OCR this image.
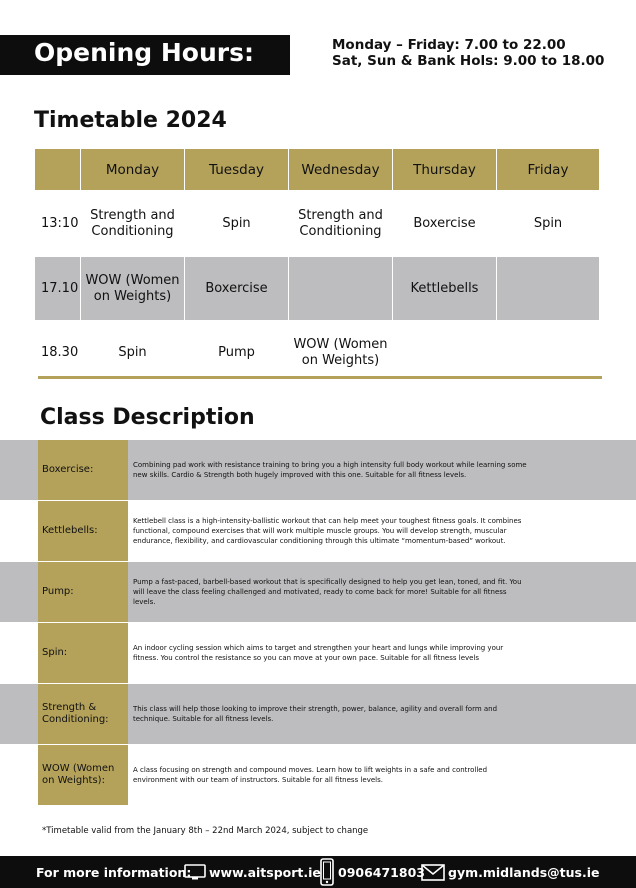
Opening Hours:	Monday – Friday: 7.00 to 22.00
Sat, Sun & Bank Hols: 9.00 to 18.00
Timetable 2024
	Monday	Tuesday	Wednesday	Thursday	Friday
13:10	Strength and Conditioning	Spin	Strength and Conditioning	Boxercise	Spin
17.10	WOW (Women on Weights)	Boxercise		Kettlebells	
18.30	Spin	Pump	WOW (Women on Weights)		
Class Description
Boxercise:	Combining pad work with resistance training to bring you a high intensity full body workout while learning some new skills. Cardio & Strength both hugely improved with this one. Suitable for all fitness levels.
Kettlebells:
Kettlebell class is a high-intensity-ballistic workout that can help meet your toughest fitness goals. It combines functional, compound exercises that will work multiple muscle groups. You will develop strength, muscular endurance, flexibility, and cardiovascular conditioning through this ultimate “momentum-based” workout.
Pump:
Pump a fast-paced, barbell-based workout that is specifically designed to help you get lean, toned, and fit. You will leave the class feeling challenged and motivated, ready to come back for more! Suitable for all fitness levels.
Spin:	An indoor cycling session which aims to target and strengthen your heart and lungs while improving your fitness. You control the resistance so you can move at your own pace. Suitable for all fitness levels
Strength & Conditioning:
This class will help those looking to improve their strength, power, balance, agility and overall form and technique. Suitable for all fitness levels.
WOW (Women on Weights):
A class focusing on strength and compound moves. Learn how to lift weights in a safe and controlled environment with our team of instructors. Suitable for all fitness levels.
*Timetable valid from the January 8th – 22nd March 2024, subject to change
For more information: www.aitsport.ie 0906471803 gym.midlands@tus.ie
